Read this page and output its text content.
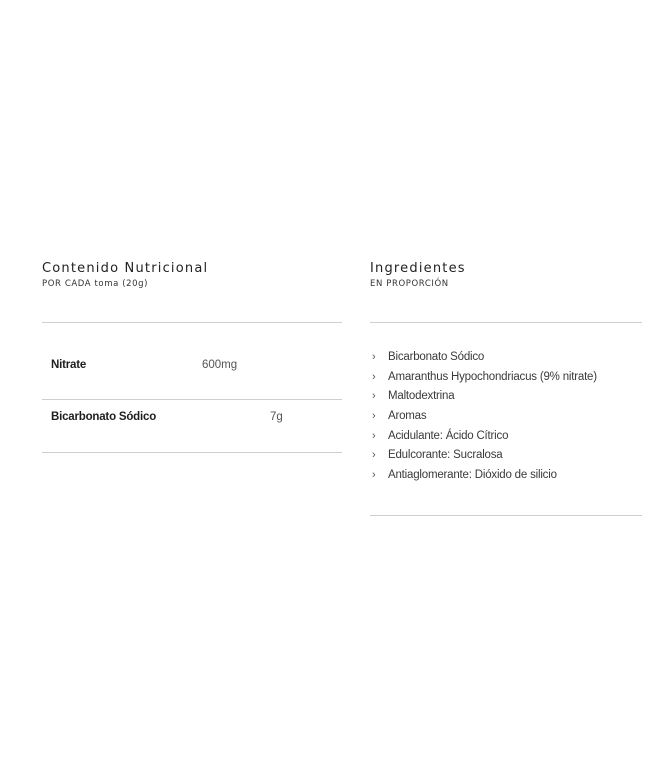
Contenido Nutricional
POR CADA toma (20g)
Nitrate	600mg
Bicarbonato Sódico	7g
Ingredientes
EN PROPORCIÓN
› Bicarbonato Sódico
› Amaranthus Hypochondriacus (9% nitrate)
› Maltodextrina
› Aromas
› Acidulante: Ácido Cítrico
› Edulcorante: Sucralosa
› Antiaglomerante: Dióxido de silicio
